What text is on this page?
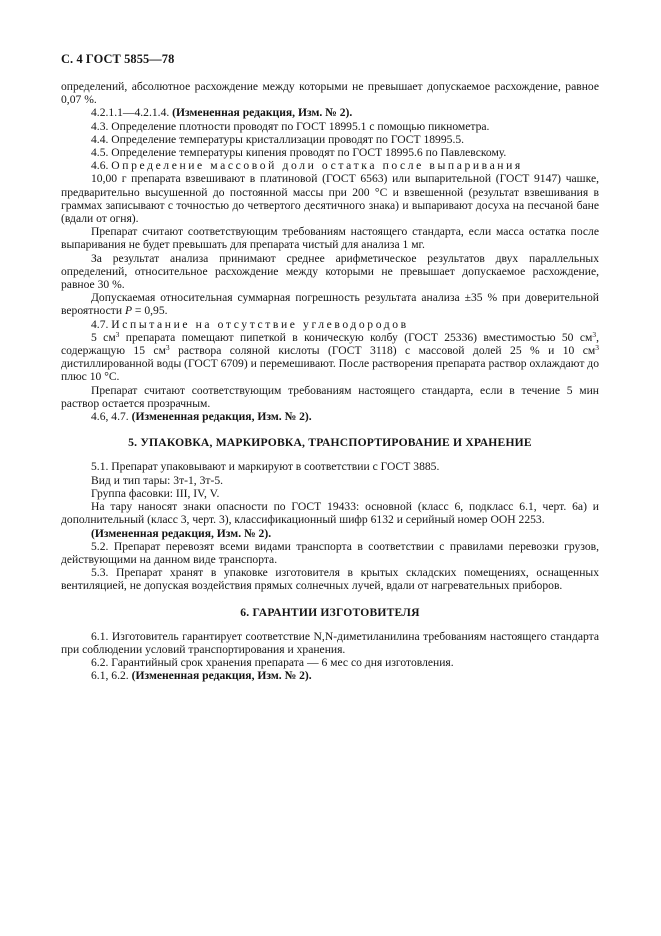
С. 4 ГОСТ 5855—78

определений, абсолютное расхождение между которыми не превышает допускаемое расхождение, равное 0,07 %.

4.2.1.1—4.2.1.4. (Измененная редакция, Изм. № 2).

4.3. Определение плотности проводят по ГОСТ 18995.1 с помощью пикнометра.

4.4. Определение температуры кристаллизации проводят по ГОСТ 18995.5.

4.5. Определение температуры кипения проводят по ГОСТ 18995.6 по Павлевскому.

4.6. Определение массовой доли остатка после выпаривания

10,00 г препарата взвешивают в платиновой (ГОСТ 6563) или выпарительной (ГОСТ 9147) чашке, предварительно высушенной до постоянной массы при 200 °С и взвешенной (результат взвешивания в граммах записывают с точностью до четвертого десятичного знака) и выпаривают досуха на песчаной бане (вдали от огня).

Препарат считают соответствующим требованиям настоящего стандарта, если масса остатка после выпаривания не будет превышать для препарата чистый для анализа 1 мг.

За результат анализа принимают среднее арифметическое результатов двух параллельных определений, относительное расхождение между которыми не превышает допускаемое расхождение, равное 30 %.

Допускаемая относительная суммарная погрешность результата анализа ±35 % при доверительной вероятности P = 0,95.

4.7. Испытание на отсутствие углеводородов

5 $см^3$ препарата помещают пипеткой в коническую колбу (ГОСТ 25336) вместимостью 50 $см^3$, содержащую 15 $см^3$ раствора соляной кислоты (ГОСТ 3118) с массовой долей 25 % и 10 $см^3$ дистиллированной воды (ГОСТ 6709) и перемешивают. После растворения препарата раствор охлаждают до плюс 10 °С.

Препарат считают соответствующим требованиям настоящего стандарта, если в течение 5 мин раствор остается прозрачным.

4.6, 4.7. (Измененная редакция, Изм. № 2).

5. УПАКОВКА, МАРКИРОВКА, ТРАНСПОРТИРОВАНИЕ И ХРАНЕНИЕ

5.1. Препарат упаковывают и маркируют в соответствии с ГОСТ 3885.

Вид и тип тары: 3т-1, 3т-5.

Группа фасовки: III, IV, V.

На тару наносят знаки опасности по ГОСТ 19433: основной (класс 6, подкласс 6.1, черт. 6а) и дополнительный (класс 3, черт. 3), классификационный шифр 6132 и серийный номер ООН 2253.

(Измененная редакция, Изм. № 2).

5.2. Препарат перевозят всеми видами транспорта в соответствии с правилами перевозки грузов, действующими на данном виде транспорта.

5.3. Препарат хранят в упаковке изготовителя в крытых складских помещениях, оснащенных вентиляцией, не допуская воздействия прямых солнечных лучей, вдали от нагревательных приборов.

6. ГАРАНТИИ ИЗГОТОВИТЕЛЯ

6.1. Изготовитель гарантирует соответствие N,N-диметиланилина требованиям настоящего стандарта при соблюдении условий транспортирования и хранения.

6.2. Гарантийный срок хранения препарата — 6 мес со дня изготовления.

6.1, 6.2. (Измененная редакция, Изм. № 2).
